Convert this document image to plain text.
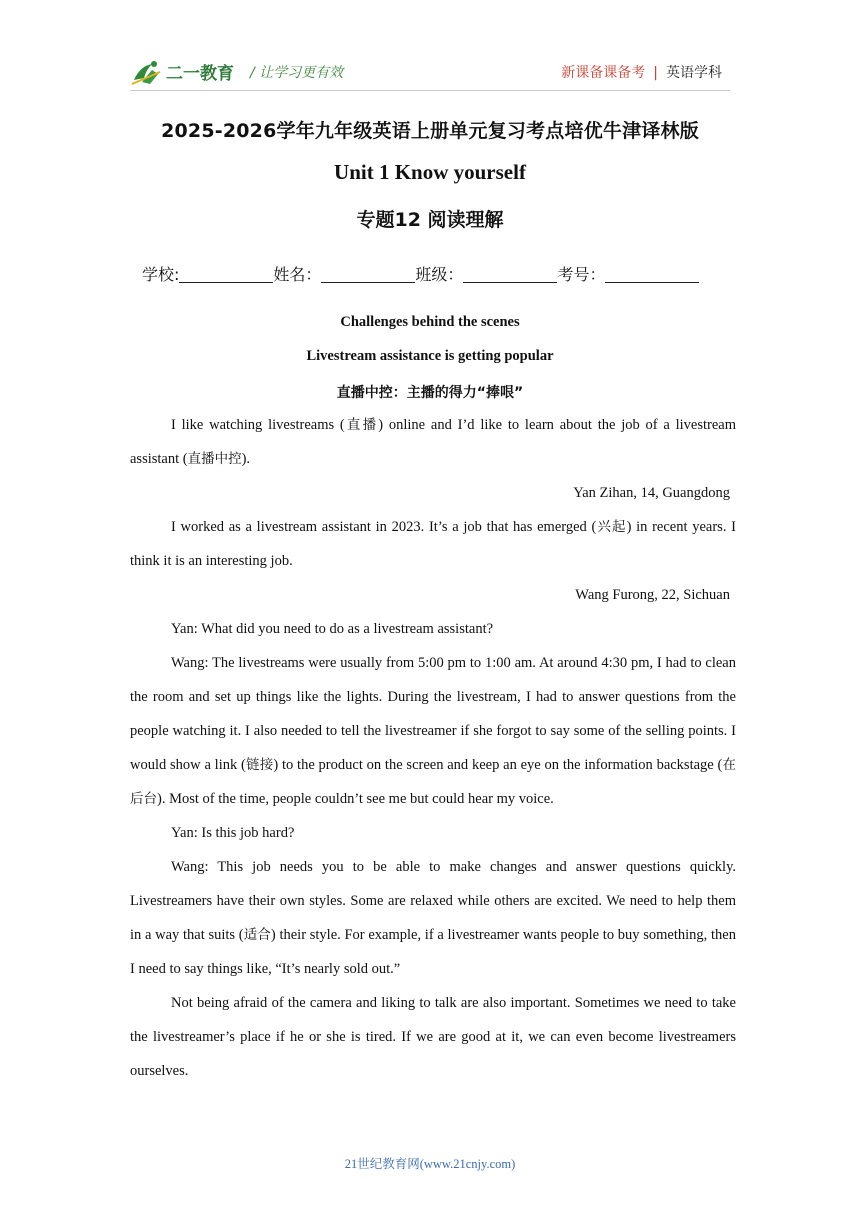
二一教育 / 让学习更有效	新课备课备考 | 英语学科
2025-2026学年九年级英语上册单元复习考点培优牛津译林版
Unit 1 Know yourself
专题12 阅读理解
学校:	姓名：	班级：	考号：
Challenges behind the scenes
Livestream assistance is getting popular
直播中控：主播的得力“捧哏”

I like watching livestreams (直播) online and I’d like to learn about the job of a livestream assistant (直播中控).

Yan Zihan, 14, Guangdong

I worked as a livestream assistant in 2023. It’s a job that has emerged (兴起) in recent years. I think it is an interesting job.

Wang Furong, 22, Sichuan

Yan: What did you need to do as a livestream assistant?

Wang: The livestreams were usually from 5:00 pm to 1:00 am. At around 4:30 pm, I had to clean the room and set up things like the lights. During the livestream, I had to answer questions from the people watching it. I also needed to tell the livestreamer if she forgot to say some of the selling points. I would show a link (链接) to the product on the screen and keep an eye on the information backstage (在后台). Most of the time, people couldn’t see me but could hear my voice.

Yan: Is this job hard?

Wang: This job needs you to be able to make changes and answer questions quickly. Livestreamers have their own styles. Some are relaxed while others are excited. We need to help them in a way that suits (适合) their style. For example, if a livestreamer wants people to buy something, then I need to say things like, “It’s nearly sold out.”

Not being afraid of the camera and liking to talk are also important. Sometimes we need to take the livestreamer’s place if he or she is tired. If we are good at it, we can even become livestreamers ourselves.

21世纪教育网(www.21cnjy.com)
